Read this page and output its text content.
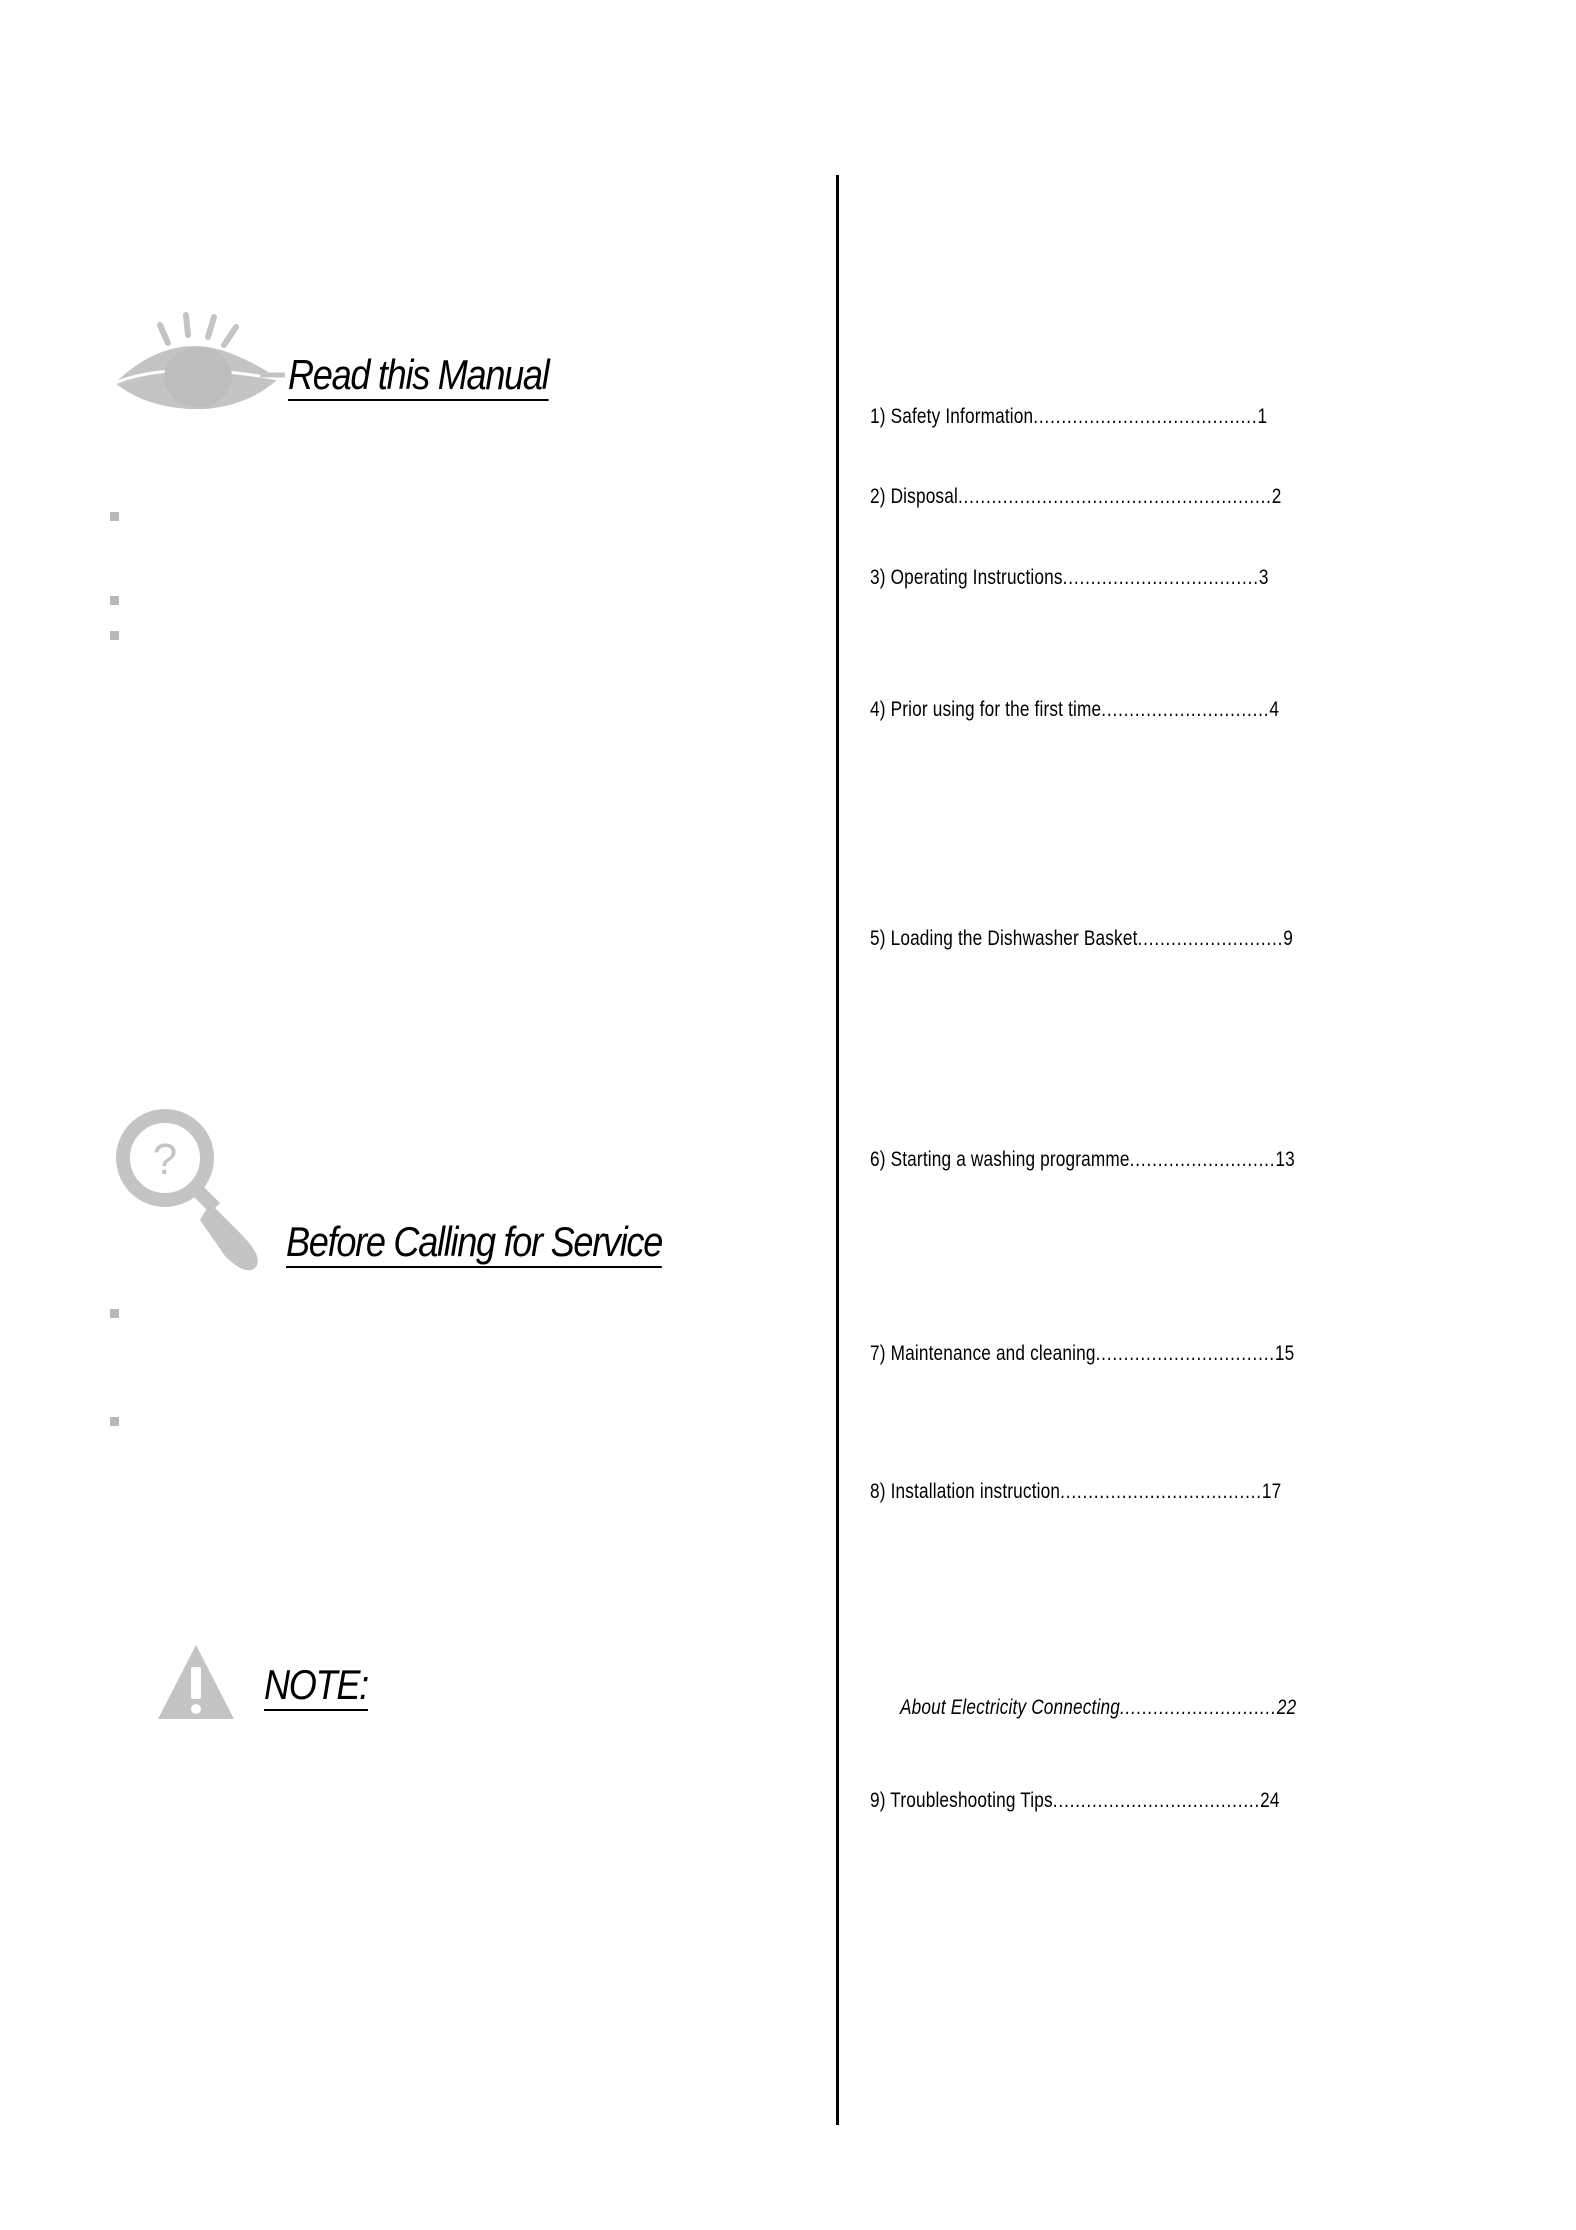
Read this Manual
?
Before Calling for Service
NOTE:
1) Safety Information........................................1
2) Disposal........................................................2
3) Operating Instructions...................................3
4) Prior using for the first time..............................4
5) Loading the Dishwasher Basket..........................9
6) Starting a washing programme..........................13
7) Maintenance and cleaning................................15
8) Installation instruction....................................17
About Electricity Connecting............................22
9) Troubleshooting Tips.....................................24
